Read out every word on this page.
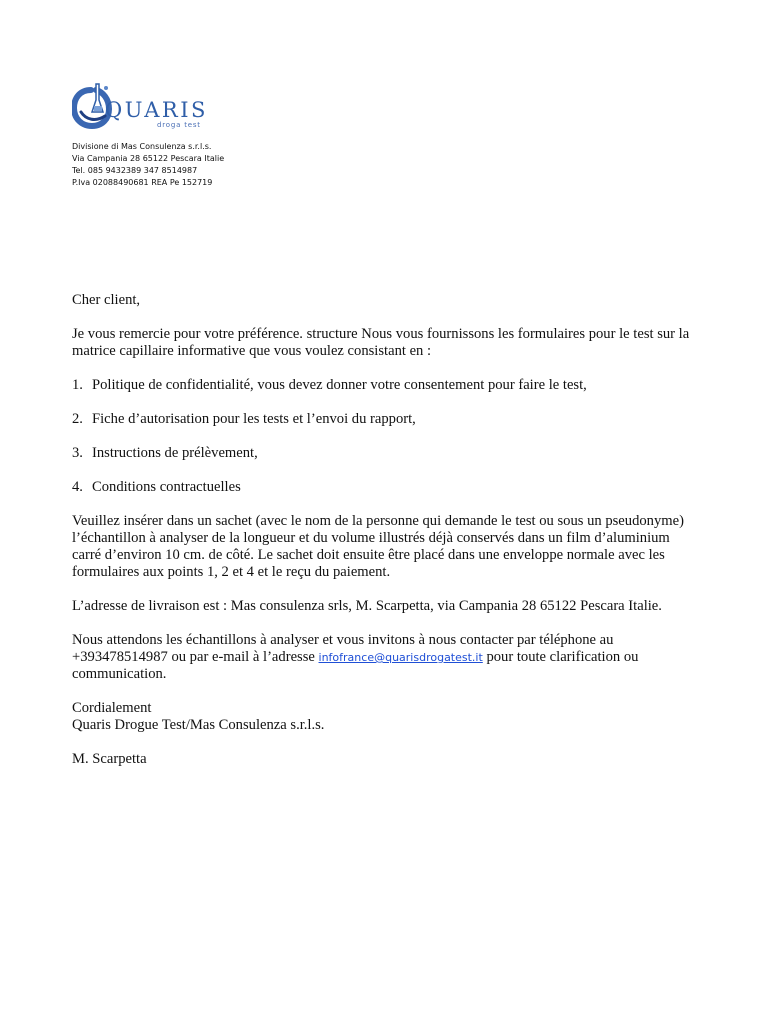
QUARIS
droga test
Divisione di Mas Consulenza s.r.l.s.
Via Campania 28 65122 Pescara Italie
Tel. 085 9432389 347 8514987
P.Iva 02088490681 REA Pe 152719

Cher client,

Je vous remercie pour votre préférence. structure Nous vous fournissons les formulaires pour le test sur la matrice capillaire informative que vous voulez consistant en :

1. Politique de confidentialité, vous devez donner votre consentement pour faire le test,
2. Fiche d’autorisation pour les tests et l’envoi du rapport,
3. Instructions de prélèvement,
4. Conditions contractuelles

Veuillez insérer dans un sachet (avec le nom de la personne qui demande le test ou sous un pseudonyme) l’échantillon à analyser de la longueur et du volume illustrés déjà conservés dans un film d’aluminium carré d’environ 10 cm. de côté. Le sachet doit ensuite être placé dans une enveloppe normale avec les formulaires aux points 1, 2 et 4 et le reçu du paiement.

L’adresse de livraison est : Mas consulenza srls, M. Scarpetta, via Campania 28 65122 Pescara Italie.

Nous attendons les échantillons à analyser et vous invitons à nous contacter par téléphone au +393478514987 ou par e-mail à l’adresse infofrance@quarisdrogatest.it pour toute clarification ou communication.

Cordialement

Quaris Drogue Test/Mas Consulenza s.r.l.s.

M. Scarpetta
